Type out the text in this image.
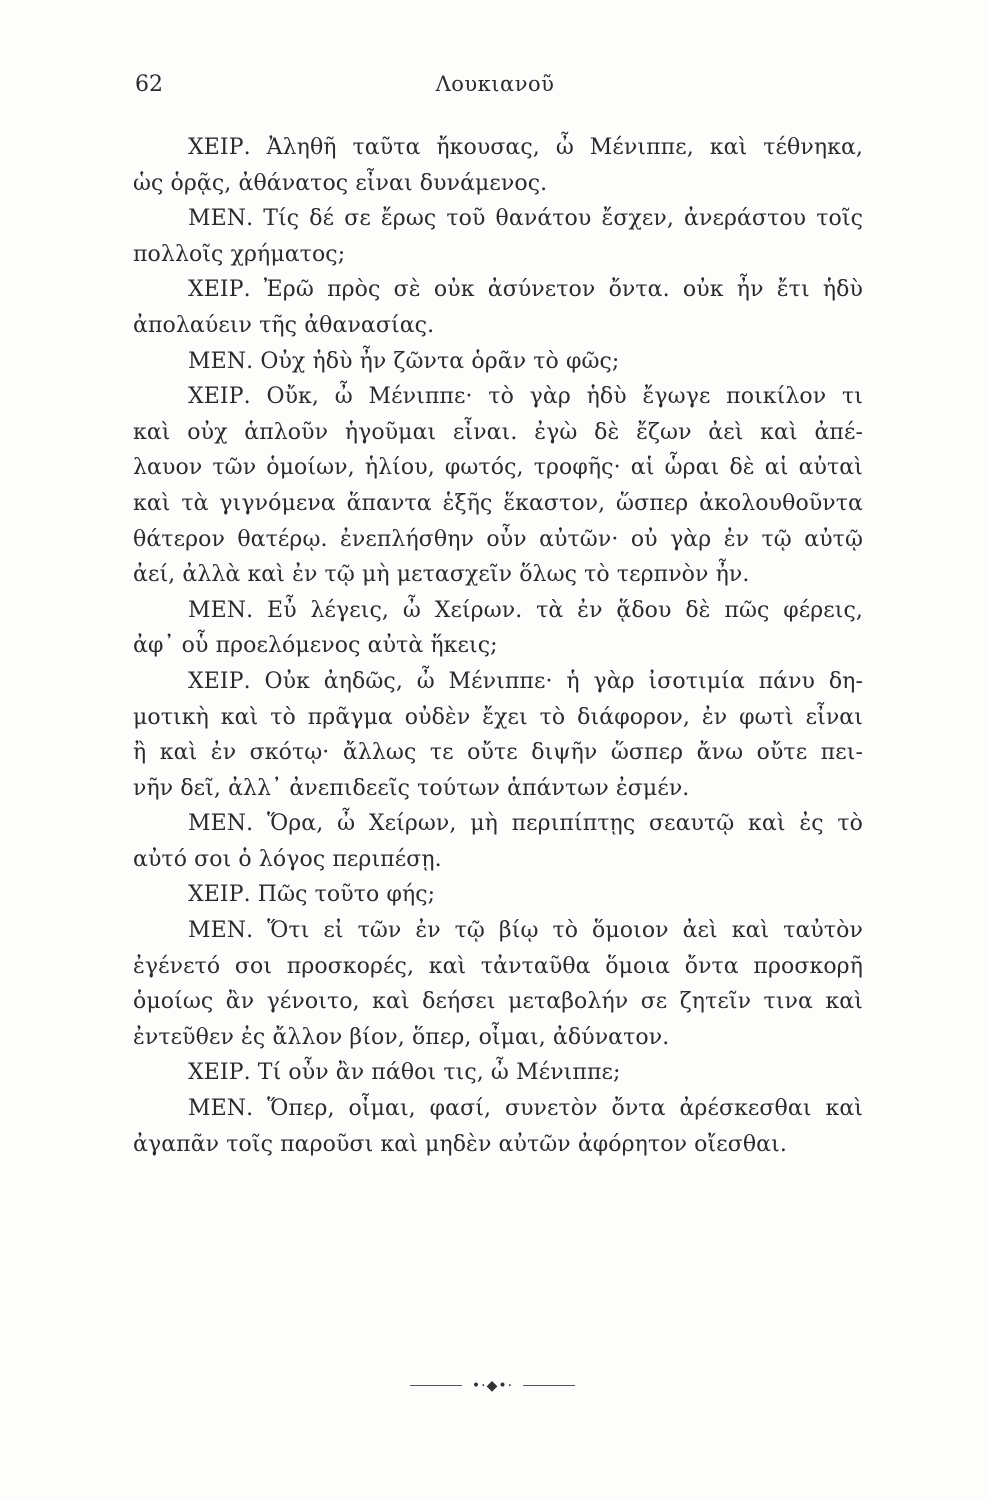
62	Λουκιανοῦ
ΧΕΙΡ. Ἀληθῆ ταῦτα ἤκουσας, ὦ Μένιππε, καὶ τέθνηκα,
ὡς ὁρᾷς, ἀθάνατος εἶναι δυνάμενος.
ΜΕΝ. Τίς δέ σε ἔρως τοῦ θανάτου ἔσχεν, ἀνεράστου τοῖς
πολλοῖς χρήματος;
ΧΕΙΡ. Ἐρῶ πρὸς σὲ οὐκ ἀσύνετον ὄντα. οὐκ ἦν ἔτι ἡδὺ
ἀπολαύειν τῆς ἀθανασίας.
ΜΕΝ. Οὐχ ἡδὺ ἦν ζῶντα ὁρᾶν τὸ φῶς;
ΧΕΙΡ. Οὔκ, ὦ Μένιππε· τὸ γὰρ ἡδὺ ἔγωγε ποικίλον τι
καὶ οὐχ ἁπλοῦν ἡγοῦμαι εἶναι. ἐγὼ δὲ ἔζων ἀεὶ καὶ ἀπέ-
λαυον τῶν ὁμοίων, ἡλίου, φωτός, τροφῆς· αἱ ὧραι δὲ αἱ αὐταὶ
καὶ τὰ γιγνόμενα ἅπαντα ἑξῆς ἕκαστον, ὥσπερ ἀκολουθοῦντα
θάτερον θατέρῳ. ἐνεπλήσθην οὖν αὐτῶν· οὐ γὰρ ἐν τῷ αὐτῷ
ἀεί, ἀλλὰ καὶ ἐν τῷ μὴ μετασχεῖν ὅλως τὸ τερπνὸν ἦν.
ΜΕΝ. Εὖ λέγεις, ὦ Χείρων. τὰ ἐν ᾅδου δὲ πῶς φέρεις,
ἀφ᾽ οὗ προελόμενος αὐτὰ ἥκεις;
ΧΕΙΡ. Οὐκ ἀηδῶς, ὦ Μένιππε· ἡ γὰρ ἰσοτιμία πάνυ δη-
μοτικὴ καὶ τὸ πρᾶγμα οὐδὲν ἔχει τὸ διάφορον, ἐν φωτὶ εἶναι
ἢ καὶ ἐν σκότῳ· ἄλλως τε οὔτε διψῆν ὥσπερ ἄνω οὔτε πει-
νῆν δεῖ, ἀλλ᾽ ἀνεπιδεεῖς τούτων ἁπάντων ἐσμέν.
ΜΕΝ. Ὅρα, ὦ Χείρων, μὴ περιπίπτῃς σεαυτῷ καὶ ἐς τὸ
αὐτό σοι ὁ λόγος περιπέσῃ.
ΧΕΙΡ. Πῶς τοῦτο φής;
ΜΕΝ. Ὅτι εἰ τῶν ἐν τῷ βίῳ τὸ ὅμοιον ἀεὶ καὶ ταὐτὸν
ἐγένετό σοι προσκορές, καὶ τἀνταῦθα ὅμοια ὄντα προσκορῆ
ὁμοίως ἂν γένοιτο, καὶ δεήσει μεταβολήν σε ζητεῖν τινα καὶ
ἐντεῦθεν ἐς ἄλλον βίον, ὅπερ, οἶμαι, ἀδύνατον.
ΧΕΙΡ. Τί οὖν ἂν πάθοι τις, ὦ Μένιππε;
ΜΕΝ. Ὅπερ, οἶμαι, φασί, συνετὸν ὄντα ἀρέσκεσθαι καὶ
ἀγαπᾶν τοῖς παροῦσι καὶ μηδὲν αὐτῶν ἀφόρητον οἴεσθαι.
•·◆•·
